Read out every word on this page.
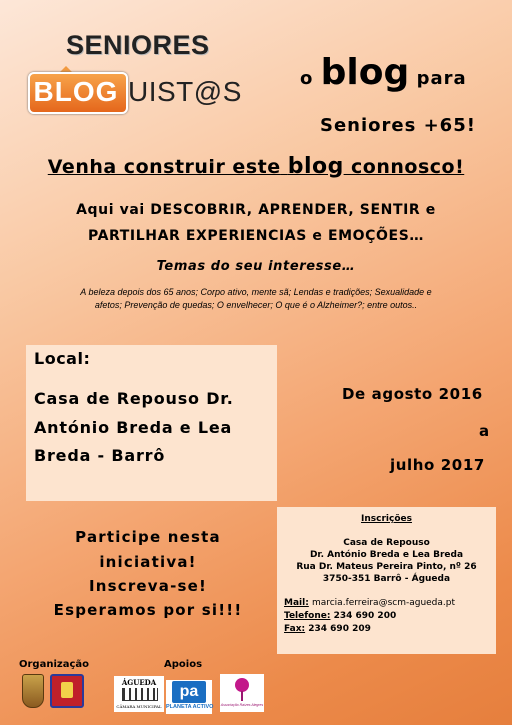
SENIORES
BLOG UIST@S	o blog para
Seniores +65!
Venha construir este blog connosco!
Aqui vai DESCOBRIR, APRENDER, SENTIR e
PARTILHAR EXPERIENCIAS e EMOÇÕES…
Temas do seu interesse…
A beleza depois dos 65 anos; Corpo ativo, mente sã; Lendas e tradições; Sexualidade e afetos; Prevenção de quedas; O envelhecer; O que é o Alzheimer?; entre outos..
Local:
Casa de Repouso Dr.
António Breda e Lea
Breda - Barrô
De agosto 2016
a
julho 2017
Participe nesta
iniciativa!
Inscreva-se!
Esperamos por si!!!
Inscrições
Casa de Repouso
Dr. António Breda e Lea Breda
Rua Dr. Mateus Pereira Pinto, nº 26
3750-351 Barrô - Águeda
Mail: marcia.ferreira@scm-agueda.pt
Telefone: 234 690 200
Fax: 234 690 209
Organização	Apoios
ÁGUEDA
CÂMARA MUNICIPAL
pa
PLANETA ACTIVO Associação Raízes Alegres
